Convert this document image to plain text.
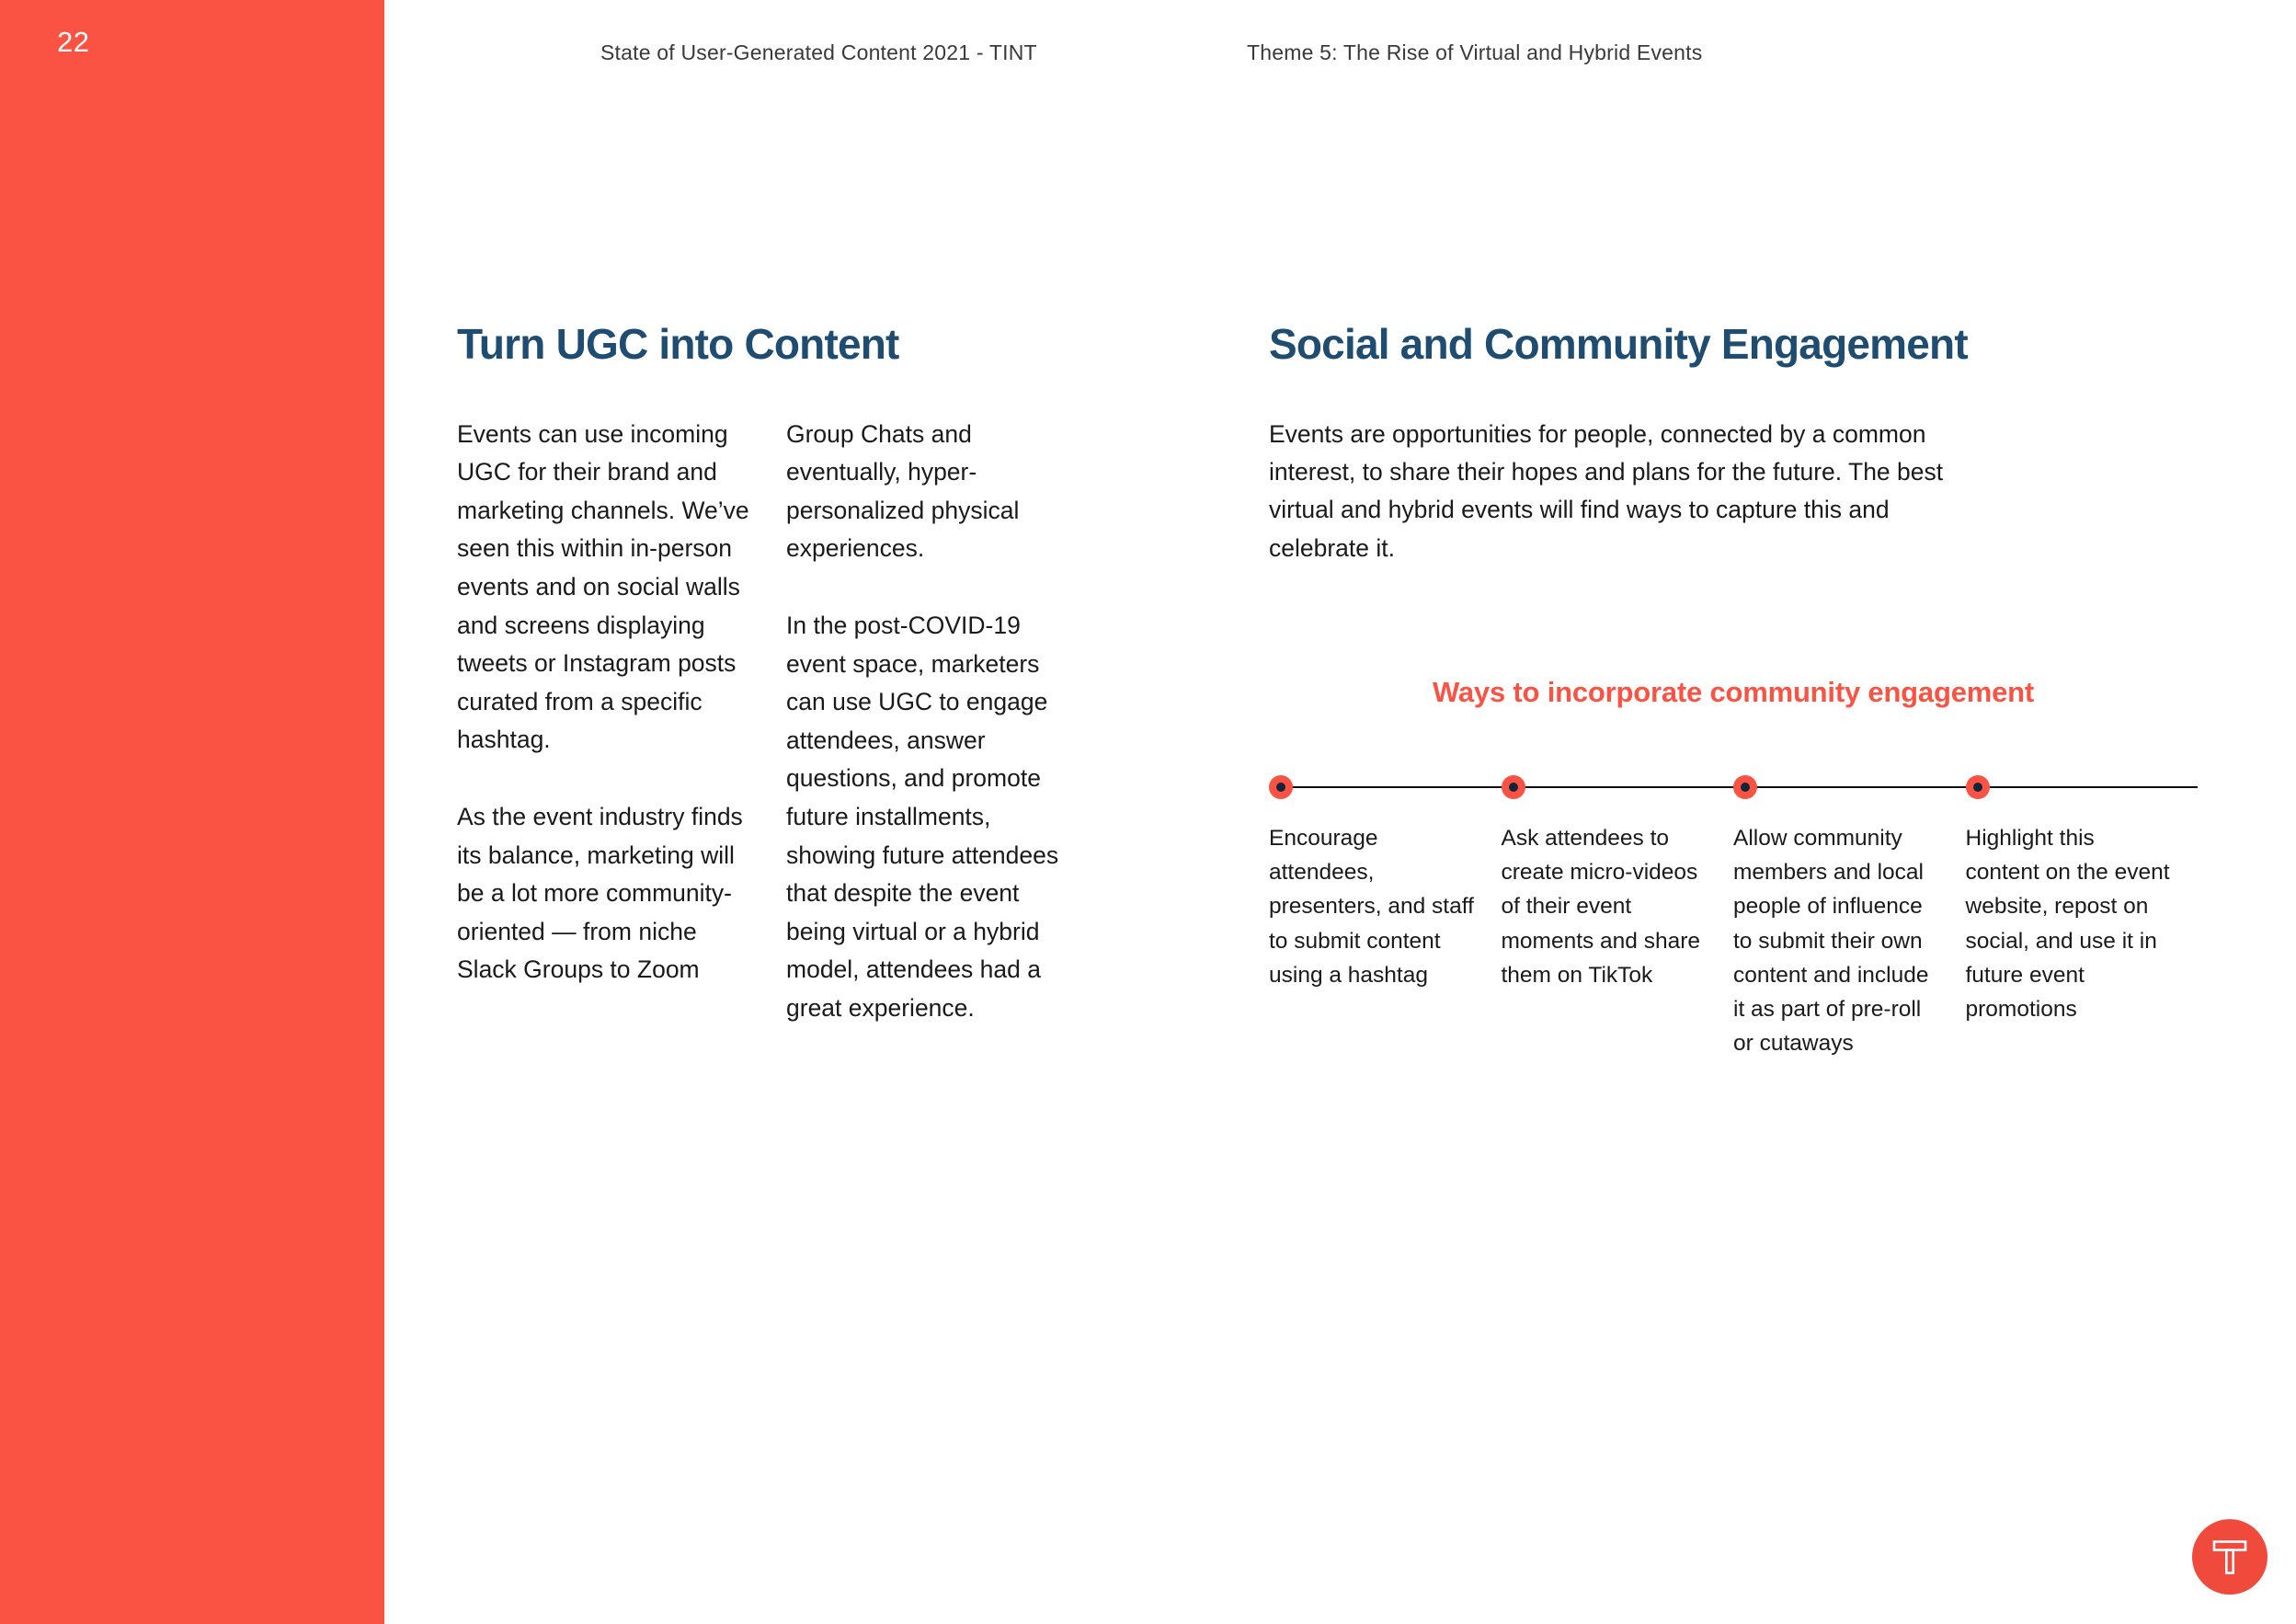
22	State of User-Generated Content 2021 - TINT	Theme 5: The Rise of Virtual and Hybrid Events
Turn UGC into Content

Events can use incoming UGC for their brand and marketing channels. We’ve seen this within in-person events and on social walls and screens displaying tweets or Instagram posts curated from a specific hashtag.

As the event industry finds its balance, marketing will be a lot more community-oriented — from niche Slack Groups to Zoom

Group Chats and eventually, hyper-personalized physical experiences.

In the post-COVID-19 event space, marketers can use UGC to engage attendees, answer questions, and promote future installments, showing future attendees that despite the event being virtual or a hybrid model, attendees had a great experience.

Social and Community Engagement

Events are opportunities for people, connected by a common interest, to share their hopes and plans for the future. The best virtual and hybrid events will find ways to capture this and celebrate it.

Ways to incorporate community engagement

Encourage attendees, presenters, and staff to submit content using a hashtag
Ask attendees to create micro-videos of their event moments and share them on TikTok
Allow community members and local people of influence to submit their own content and include it as part of pre-roll or cutaways
Highlight this content on the event website, repost on social, and use it in future event promotions
